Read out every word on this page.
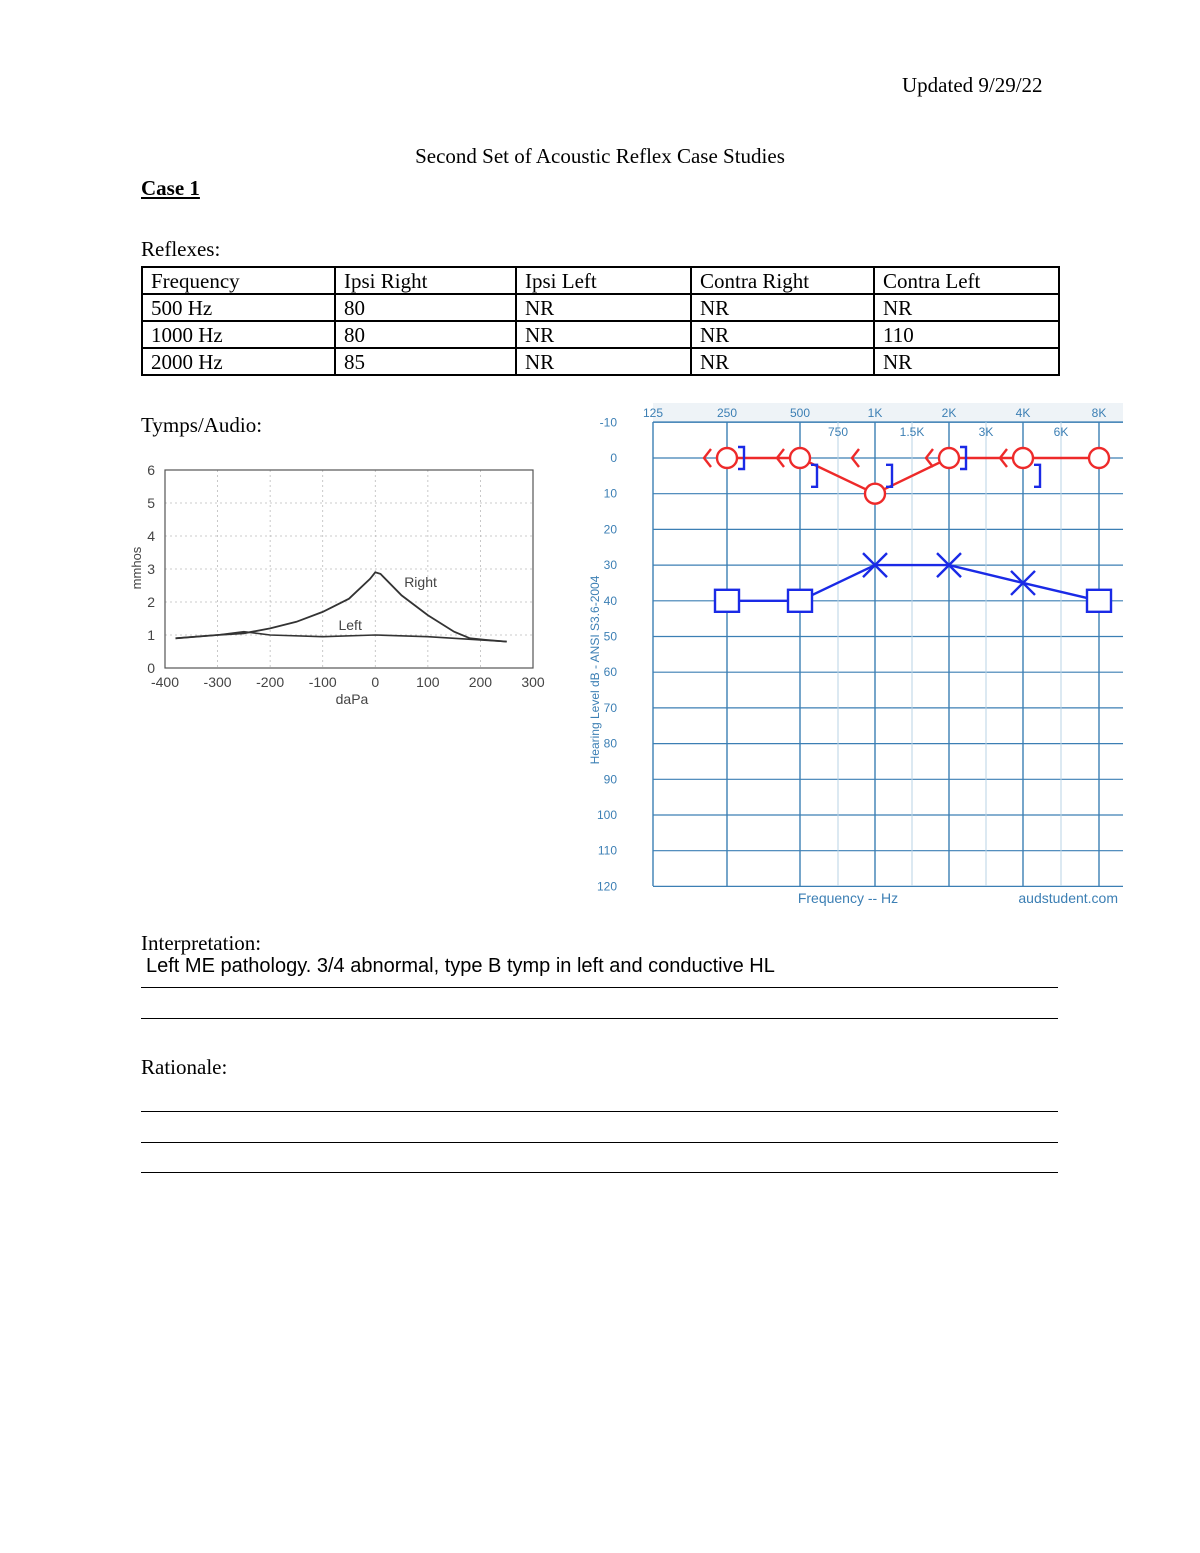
Updated 9/29/22
Second Set of Acoustic Reflex Case Studies
Case 1
Reflexes:
Frequency	Ipsi Right	Ipsi Left	Contra Right	Contra Left
500 Hz	80	NR	NR	NR
1000 Hz	80	NR	NR	110
2000 Hz	85	NR	NR	NR
Tymps/Audio:
0
1
2
3
4
5
6
-400 -300 -200 -100 0	100 200 300
mmhos
daPa
Right
Left
125	250	500	1K	2K	4K	8K
750	1.5K	3K	6K
-10
0
10
20
30
40
50
60
70
80
90
100
110
120
Hearing Level dB - ANSI S3.6-2004
Frequency -- Hz	audstudent.com
Interpretation:
Left ME pathology. 3/4 abnormal, type B tymp in left and conductive HL
Rationale:
